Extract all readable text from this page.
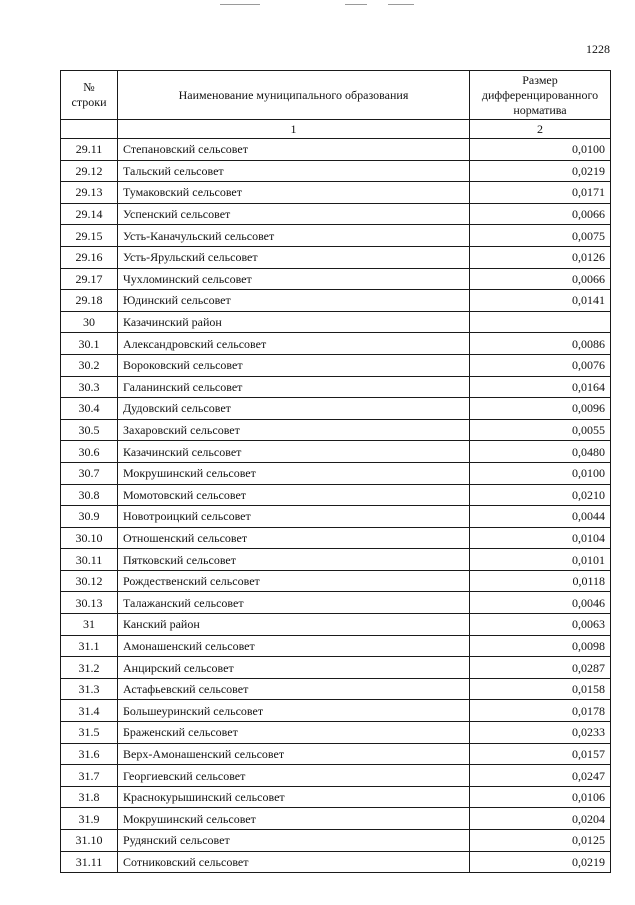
1228
№ строки	Наименование муниципального образования	Размер дифференцированного норматива
	1	2
29.11	Степановский сельсовет	0,0100
29.12	Тальский сельсовет	0,0219
29.13	Тумаковский сельсовет	0,0171
29.14	Успенский сельсовет	0,0066
29.15	Усть-Каначульский сельсовет	0,0075
29.16	Усть-Ярульский сельсовет	0,0126
29.17	Чухломинский сельсовет	0,0066
29.18	Юдинский сельсовет	0,0141
30	Казачинский район	
30.1	Александровский сельсовет	0,0086
30.2	Вороковский сельсовет	0,0076
30.3	Галанинский сельсовет	0,0164
30.4	Дудовский сельсовет	0,0096
30.5	Захаровский сельсовет	0,0055
30.6	Казачинский сельсовет	0,0480
30.7	Мокрушинский сельсовет	0,0100
30.8	Момотовский сельсовет	0,0210
30.9	Новотроицкий сельсовет	0,0044
30.10	Отношенский сельсовет	0,0104
30.11	Пятковский сельсовет	0,0101
30.12	Рождественский сельсовет	0,0118
30.13	Талажанский сельсовет	0,0046
31	Канский район	0,0063
31.1	Амонашенский сельсовет	0,0098
31.2	Анцирский сельсовет	0,0287
31.3	Астафьевский сельсовет	0,0158
31.4	Большеуринский сельсовет	0,0178
31.5	Браженский сельсовет	0,0233
31.6	Верх-Амонашенский сельсовет	0,0157
31.7	Георгиевский сельсовет	0,0247
31.8	Краснокурышинский сельсовет	0,0106
31.9	Мокрушинский сельсовет	0,0204
31.10	Рудянский сельсовет	0,0125
31.11	Сотниковский сельсовет	0,0219
